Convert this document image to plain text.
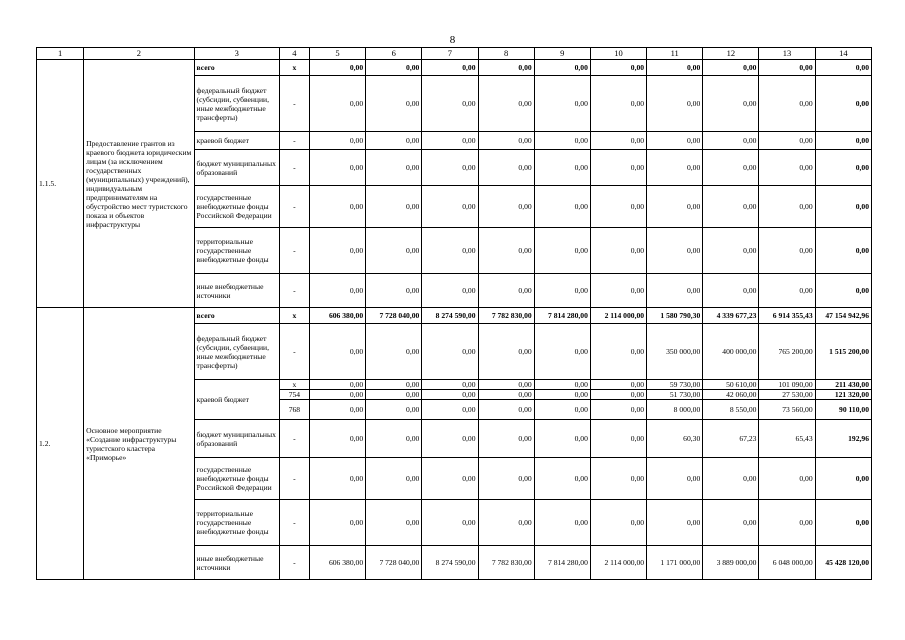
8
1	2	3	4	5	6	7	8	9	10	11	12	13	14
1.1.5.	Предоставление грантов из краевого бюджета юридическим лицам (за исключением государственных (муниципальных) учреждений), индивидуальным предпринимателям на обустройство мест туристского показа и объектов инфраструктуры	всего	x	0,00	0,00	0,00	0,00	0,00	0,00	0,00	0,00	0,00	0,00
		федеральный бюджет (субсидии, субвенции, иные межбюджетные трансферты)	-	0,00	0,00	0,00	0,00	0,00	0,00	0,00	0,00	0,00	0,00
		краевой бюджет	-	0,00	0,00	0,00	0,00	0,00	0,00	0,00	0,00	0,00	0,00
		бюджет муниципальных образований	-	0,00	0,00	0,00	0,00	0,00	0,00	0,00	0,00	0,00	0,00
		государственные внебюджетные фонды Российской Федерации	-	0,00	0,00	0,00	0,00	0,00	0,00	0,00	0,00	0,00	0,00
		территориальные государственные внебюджетные фонды	-	0,00	0,00	0,00	0,00	0,00	0,00	0,00	0,00	0,00	0,00
		иные внебюджетные источники	-	0,00	0,00	0,00	0,00	0,00	0,00	0,00	0,00	0,00	0,00
1.2.	Основное мероприятие «Создание инфраструктуры туристского кластера «Приморье»	всего	x	606 380,00	7 728 040,00	8 274 590,00	7 782 830,00	7 814 280,00	2 114 000,00	1 580 790,30	4 339 677,23	6 914 355,43	47 154 942,96
		федеральный бюджет (субсидии, субвенции, иные межбюджетные трансферты)	-	0,00	0,00	0,00	0,00	0,00	0,00	350 000,00	400 000,00	765 200,00	1 515 200,00
		краевой бюджет	x	0,00	0,00	0,00	0,00	0,00	0,00	59 730,00	50 610,00	101 090,00	211 430,00
			754	0,00	0,00	0,00	0,00	0,00	0,00	51 730,00	42 060,00	27 530,00	121 320,00
			768	0,00	0,00	0,00	0,00	0,00	0,00	8 000,00	8 550,00	73 560,00	90 110,00
		бюджет муниципальных образований	-	0,00	0,00	0,00	0,00	0,00	0,00	60,30	67,23	65,43	192,96
		государственные внебюджетные фонды Российской Федерации	-	0,00	0,00	0,00	0,00	0,00	0,00	0,00	0,00	0,00	0,00
		территориальные государственные внебюджетные фонды	-	0,00	0,00	0,00	0,00	0,00	0,00	0,00	0,00	0,00	0,00
		иные внебюджетные источники	-	606 380,00	7 728 040,00	8 274 590,00	7 782 830,00	7 814 280,00	2 114 000,00	1 171 000,00	3 889 000,00	6 048 000,00	45 428 120,00
